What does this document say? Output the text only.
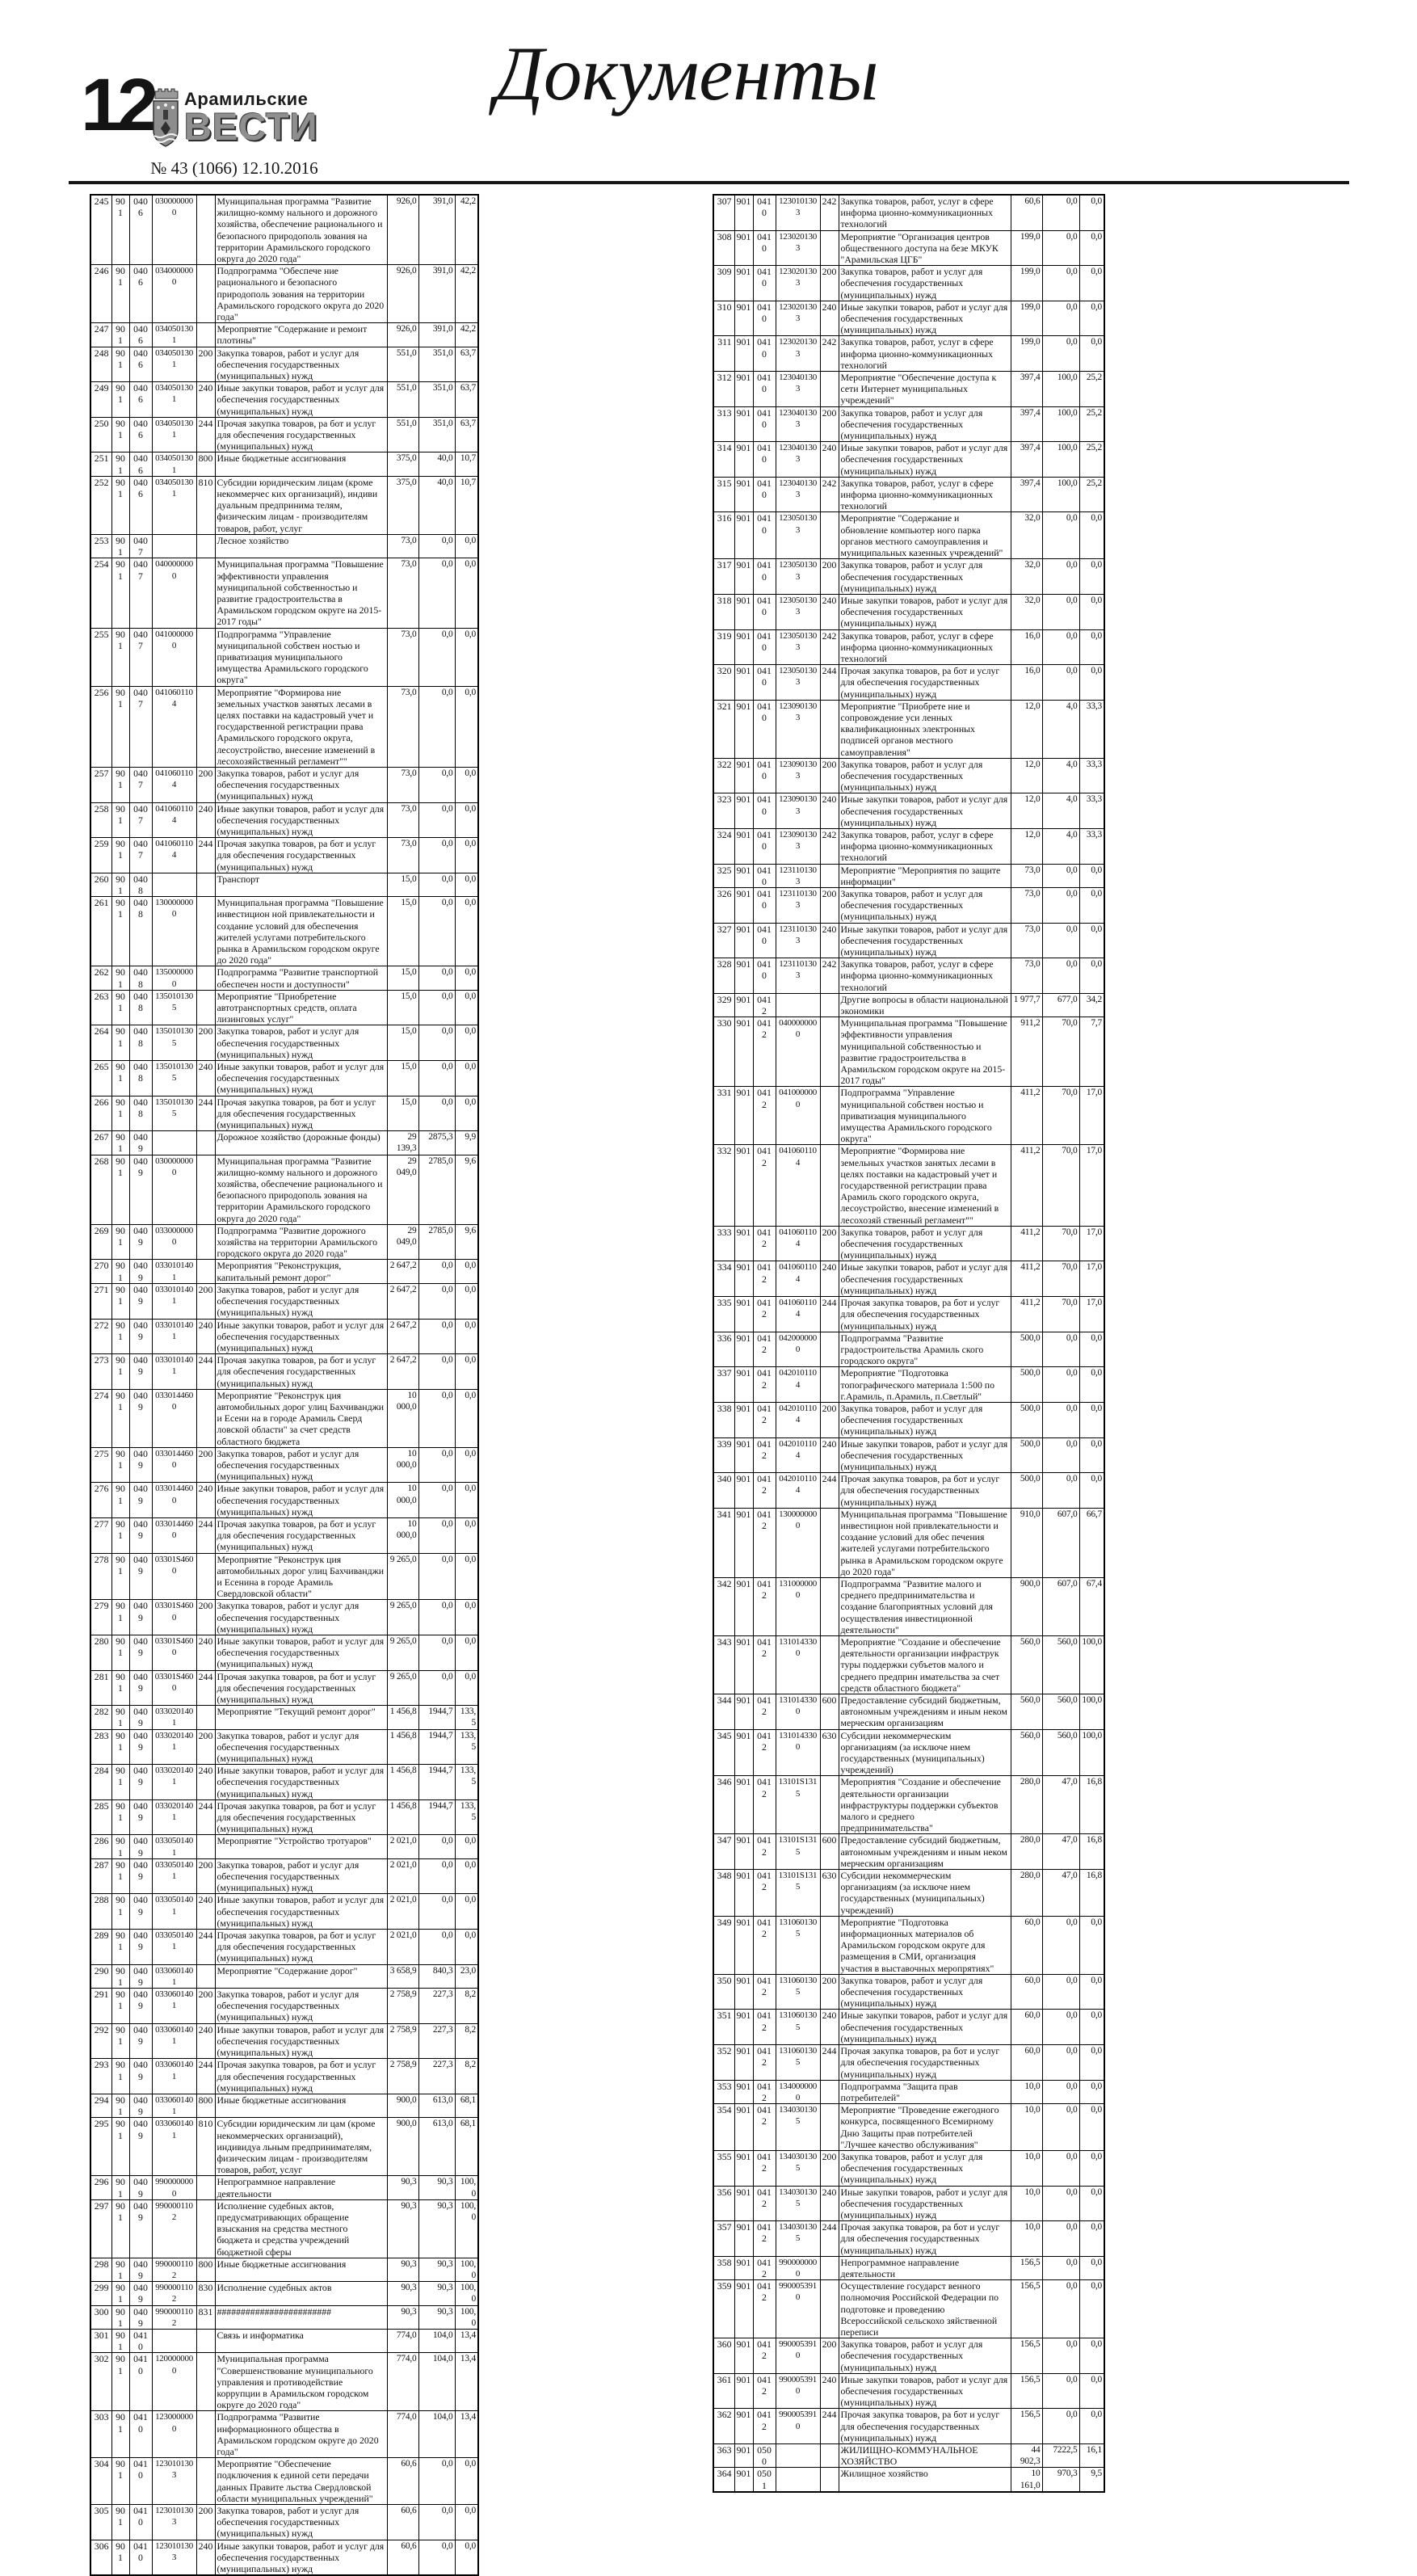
12 Арамильские
ВЕСТИ
№ 43 (1066) 12.10.2016
Документы
245	901	0406	0300000000		Муниципальная программа "Развитие жилищно-комму нального и дорожного хозяйства, обеспечение рационального и безопасного природополь зования на территории Арамильского городского округа до 2020 года"	926,0	391,0	42,2
246	901	0406	0340000000		Подпрограмма "Обеспече ние рационального и безопасного природополь зования на территории Арамильского городского округа до 2020 года"	926,0	391,0	42,2
247	901	0406	0340501301		Мероприятие "Содержание и ремонт плотины"	926,0	391,0	42,2
248	901	0406	0340501301	200	Закупка товаров, работ и услуг для обеспечения государственных (муниципальных) нужд	551,0	351,0	63,7
249	901	0406	0340501301	240	Иные закупки товаров, работ и услуг для обеспечения государственных (муниципальных) нужд	551,0	351,0	63,7
250	901	0406	0340501301	244	Прочая закупка товаров, ра бот и услуг для обеспечения государственных (муниципальных) нужд	551,0	351,0	63,7
251	901	0406	0340501301	800	Иные бюджетные ассигнования	375,0	40,0	10,7
252	901	0406	0340501301	810	Субсидии юридическим лицам (кроме некоммерчес ких организаций), индиви дуальным предпринима телям, физическим лицам - производителям товаров, работ, услуг	375,0	40,0	10,7
253	901	0407			Лесное хозяйство	73,0	0,0	0,0
254	901	0407	0400000000		Муниципальная программа "Повышение эффективности управления муниципальной собственностью и развитие градостроительства в Арамильском городском округе на 2015-2017 годы"	73,0	0,0	0,0
255	901	0407	0410000000		Подпрограмма "Управление муниципальной собствен ностью и приватизация муниципального имущества Арамильского городского округа"	73,0	0,0	0,0
256	901	0407	0410601104		Мероприятие "Формирова ние земельных участков занятых лесами в целях поставки на кадастровый учет и государственной регистрации права Арамильского городского округа, лесоустройство, внесение изменений в лесохозяйственный регламент""	73,0	0,0	0,0
257	901	0407	0410601104	200	Закупка товаров, работ и услуг для обеспечения государственных (муниципальных) нужд	73,0	0,0	0,0
258	901	0407	0410601104	240	Иные закупки товаров, работ и услуг для обеспечения государственных (муниципальных) нужд	73,0	0,0	0,0
259	901	0407	0410601104	244	Прочая закупка товаров, ра бот и услуг для обеспечения государственных (муниципальных) нужд	73,0	0,0	0,0
260	901	0408			Транспорт	15,0	0,0	0,0
261	901	0408	1300000000		Муниципальная программа "Повышение инвестицион ной привлекательности и создание условий для обеспечения жителей услугами потребительского рынка в Арамильском городском округе до 2020 года"	15,0	0,0	0,0
262	901	0408	1350000000		Подпрограмма "Развитие транспортной обеспечен ности и доступности"	15,0	0,0	0,0
263	901	0408	1350101305		Мероприятие "Приобретение автотранспортных средств, оплата лизинговых услуг"	15,0	0,0	0,0
264	901	0408	1350101305	200	Закупка товаров, работ и услуг для обеспечения государственных (муниципальных) нужд	15,0	0,0	0,0
265	901	0408	1350101305	240	Иные закупки товаров, работ и услуг для обеспечения государственных (муниципальных) нужд	15,0	0,0	0,0
266	901	0408	1350101305	244	Прочая закупка товаров, ра бот и услуг для обеспечения государственных (муниципальных) нужд	15,0	0,0	0,0
267	901	0409			Дорожное хозяйство (дорожные фонды)	29 139,3	2875,3	9,9
268	901	0409	0300000000		Муниципальная программа "Развитие жилищно-комму нального и дорожного хозяйства, обеспечение рационального и безопасного природополь зования на территории Арамильского городского округа до 2020 года"	29 049,0	2785,0	9,6
269	901	0409	0330000000		Подпрограмма "Развитие дорожного хозяйства на территории Арамильского городского округа до 2020 года"	29 049,0	2785,0	9,6
270	901	0409	0330101401		Мероприятия "Реконструкция, капитальный ремонт дорог"	2 647,2	0,0	0,0
271	901	0409	0330101401	200	Закупка товаров, работ и услуг для обеспечения государственных (муниципальных) нужд	2 647,2	0,0	0,0
272	901	0409	0330101401	240	Иные закупки товаров, работ и услуг для обеспечения государственных (муниципальных) нужд	2 647,2	0,0	0,0
273	901	0409	0330101401	244	Прочая закупка товаров, ра бот и услуг для обеспечения государственных (муниципальных) нужд	2 647,2	0,0	0,0
274	901	0409	0330144600		Мероприятие "Реконструк ция автомобильных дорог улиц Бахчиванджи и Есени на в городе Арамиль Сверд ловской области" за счет средств областного бюджета	10 000,0	0,0	0,0
275	901	0409	0330144600	200	Закупка товаров, работ и услуг для обеспечения государственных (муниципальных) нужд	10 000,0	0,0	0,0
276	901	0409	0330144600	240	Иные закупки товаров, работ и услуг для обеспечения государственных (муниципальных) нужд	10 000,0	0,0	0,0
277	901	0409	0330144600	244	Прочая закупка товаров, ра бот и услуг для обеспечения государственных (муниципальных) нужд	10 000,0	0,0	0,0
278	901	0409	03301S4600		Мероприятие "Реконструк ция автомобильных дорог улиц Бахчиванджи и Есенина в городе Арамиль Свердловской области"	9 265,0	0,0	0,0
279	901	0409	03301S4600	200	Закупка товаров, работ и услуг для обеспечения государственных (муниципальных) нужд	9 265,0	0,0	0,0
280	901	0409	03301S4600	240	Иные закупки товаров, работ и услуг для обеспечения государственных (муниципальных) нужд	9 265,0	0,0	0,0
281	901	0409	03301S4600	244	Прочая закупка товаров, ра бот и услуг для обеспечения государственных (муниципальных) нужд	9 265,0	0,0	0,0
282	901	0409	0330201401		Мероприятие "Текущий ремонт дорог"	1 456,8	1944,7	133,5
283	901	0409	0330201401	200	Закупка товаров, работ и услуг для обеспечения государственных (муниципальных) нужд	1 456,8	1944,7	133,5
284	901	0409	0330201401	240	Иные закупки товаров, работ и услуг для обеспечения государственных (муниципальных) нужд	1 456,8	1944,7	133,5
285	901	0409	0330201401	244	Прочая закупка товаров, ра бот и услуг для обеспечения государственных (муниципальных) нужд	1 456,8	1944,7	133,5
286	901	0409	0330501401		Мероприятие "Устройство тротуаров"	2 021,0	0,0	0,0
287	901	0409	0330501401	200	Закупка товаров, работ и услуг для обеспечения государственных (муниципальных) нужд	2 021,0	0,0	0,0
288	901	0409	0330501401	240	Иные закупки товаров, работ и услуг для обеспечения государственных (муниципальных) нужд	2 021,0	0,0	0,0
289	901	0409	0330501401	244	Прочая закупка товаров, ра бот и услуг для обеспечения государственных (муниципальных) нужд	2 021,0	0,0	0,0
290	901	0409	0330601401		Мероприятие "Содержание дорог"	3 658,9	840,3	23,0
291	901	0409	0330601401	200	Закупка товаров, работ и услуг для обеспечения государственных (муниципальных) нужд	2 758,9	227,3	8,2
292	901	0409	0330601401	240	Иные закупки товаров, работ и услуг для обеспечения государственных (муниципальных) нужд	2 758,9	227,3	8,2
293	901	0409	0330601401	244	Прочая закупка товаров, ра бот и услуг для обеспечения государственных (муниципальных) нужд	2 758,9	227,3	8,2
294	901	0409	0330601401	800	Иные бюджетные ассигнования	900,0	613,0	68,1
295	901	0409	0330601401	810	Субсидии юридическим ли цам (кроме некоммерческих организаций), индивидуа льным предпринимателям, физическим лицам - производителям товаров, работ, услуг	900,0	613,0	68,1
296	901	0409	9900000000		Непрограммное направление деятельности	90,3	90,3	100,0
297	901	0409	9900001102		Исполнение судебных актов, предусматривающих обращение взыскания на средства местного бюджета и средства учреждений бюджетной сферы	90,3	90,3	100,0
298	901	0409	9900001102	800	Иные бюджетные ассигнования	90,3	90,3	100,0
299	901	0409	9900001102	830	Исполнение судебных актов	90,3	90,3	100,0
300	901	0409	9900001102	831	########################	90,3	90,3	100,0
301	901	0410			Связь и информатика	774,0	104,0	13,4
302	901	0410	1200000000		Муниципальная программа "Совершенствование муниципального управления и противодействие коррупции в Арамильском городском округе до 2020 года"	774,0	104,0	13,4
303	901	0410	1230000000		Подпрограмма "Развитие информационного общества в Арамильском городском округе до 2020 года"	774,0	104,0	13,4
304	901	0410	1230101303		Мероприятие "Обеспечение подключения к единой сети передачи данных Правите льства Свердловской области муниципальных учреждений"	60,6	0,0	0,0
305	901	0410	1230101303	200	Закупка товаров, работ и услуг для обеспечения государственных (муниципальных) нужд	60,6	0,0	0,0
306	901	0410	1230101303	240	Иные закупки товаров, работ и услуг для обеспечения государственных (муниципальных) нужд	60,6	0,0	0,0
307	901	0410	1230101303	242	Закупка товаров, работ, услуг в сфере информа ционно-коммуникационных технологий	60,6	0,0	0,0
308	901	0410	1230201303		Мероприятие "Организация центров общественного доступа на безе МКУК "Арамильская ЦГБ"	199,0	0,0	0,0
309	901	0410	1230201303	200	Закупка товаров, работ и услуг для обеспечения государственных (муниципальных) нужд	199,0	0,0	0,0
310	901	0410	1230201303	240	Иные закупки товаров, работ и услуг для обеспечения государственных (муниципальных) нужд	199,0	0,0	0,0
311	901	0410	1230201303	242	Закупка товаров, работ, услуг в сфере информа ционно-коммуникационных технологий	199,0	0,0	0,0
312	901	0410	1230401303		Мероприятие "Обеспечение доступа к сети Интернет муниципальных учреждений"	397,4	100,0	25,2
313	901	0410	1230401303	200	Закупка товаров, работ и услуг для обеспечения государственных (муниципальных) нужд	397,4	100,0	25,2
314	901	0410	1230401303	240	Иные закупки товаров, работ и услуг для обеспечения государственных (муниципальных) нужд	397,4	100,0	25,2
315	901	0410	1230401303	242	Закупка товаров, работ, услуг в сфере информа ционно-коммуникационных технологий	397,4	100,0	25,2
316	901	0410	1230501303		Мероприятие "Содержание и обновление компьютер ного парка органов местного самоуправления и муниципальных казенных учреждений"	32,0	0,0	0,0
317	901	0410	1230501303	200	Закупка товаров, работ и услуг для обеспечения государственных (муниципальных) нужд	32,0	0,0	0,0
318	901	0410	1230501303	240	Иные закупки товаров, работ и услуг для обеспечения государственных (муниципальных) нужд	32,0	0,0	0,0
319	901	0410	1230501303	242	Закупка товаров, работ, услуг в сфере информа ционно-коммуникационных технологий	16,0	0,0	0,0
320	901	0410	1230501303	244	Прочая закупка товаров, ра бот и услуг для обеспечения государственных (муниципальных) нужд	16,0	0,0	0,0
321	901	0410	1230901303		Мероприятие "Приобрете ние и сопровождение уси ленных квалификационных электронных подписей органов местного самоуправления"	12,0	4,0	33,3
322	901	0410	1230901303	200	Закупка товаров, работ и услуг для обеспечения государственных (муниципальных) нужд	12,0	4,0	33,3
323	901	0410	1230901303	240	Иные закупки товаров, работ и услуг для обеспечения государственных (муниципальных) нужд	12,0	4,0	33,3
324	901	0410	1230901303	242	Закупка товаров, работ, услуг в сфере информа ционно-коммуникационных технологий	12,0	4,0	33,3
325	901	0410	1231101303		Мероприятие "Мероприятия по защите информации"	73,0	0,0	0,0
326	901	0410	1231101303	200	Закупка товаров, работ и услуг для обеспечения государственных (муниципальных) нужд	73,0	0,0	0,0
327	901	0410	1231101303	240	Иные закупки товаров, работ и услуг для обеспечения государственных (муниципальных) нужд	73,0	0,0	0,0
328	901	0410	1231101303	242	Закупка товаров, работ, услуг в сфере информа ционно-коммуникационных технологий	73,0	0,0	0,0
329	901	0412			Другие вопросы в области национальной экономики	1 977,7	677,0	34,2
330	901	0412	0400000000		Муниципальная программа "Повышение эффективности управления муниципальной собственностью и развитие градостроительства в Арамильском городском округе на 2015-2017 годы"	911,2	70,0	7,7
331	901	0412	0410000000		Подпрограмма "Управление муниципальной собствен ностью и приватизация муниципального имущества Арамильского городского округа"	411,2	70,0	17,0
332	901	0412	0410601104		Мероприятие "Формирова ние земельных участков занятых лесами в целях поставки на кадастровый учет и государственной регистрации права Арамиль ского городского округа, лесоустройство, внесение изменений в лесохозяй ственный регламент""	411,2	70,0	17,0
333	901	0412	0410601104	200	Закупка товаров, работ и услуг для обеспечения государственных (муниципальных) нужд	411,2	70,0	17,0
334	901	0412	0410601104	240	Иные закупки товаров, работ и услуг для обеспечения государственных (муниципальных) нужд	411,2	70,0	17,0
335	901	0412	0410601104	244	Прочая закупка товаров, ра бот и услуг для обеспечения государственных (муниципальных) нужд	411,2	70,0	17,0
336	901	0412	0420000000		Подпрограмма "Развитие градостроительства Арамиль ского городского округа"	500,0	0,0	0,0
337	901	0412	0420101104		Мероприятие "Подготовка топографического материала 1:500 по г.Арамиль, п.Арамиль, п.Светлый"	500,0	0,0	0,0
338	901	0412	0420101104	200	Закупка товаров, работ и услуг для обеспечения государственных (муниципальных) нужд	500,0	0,0	0,0
339	901	0412	0420101104	240	Иные закупки товаров, работ и услуг для обеспечения государственных (муниципальных) нужд	500,0	0,0	0,0
340	901	0412	0420101104	244	Прочая закупка товаров, ра бот и услуг для обеспечения государственных (муниципальных) нужд	500,0	0,0	0,0
341	901	0412	1300000000		Муниципальная программа "Повышение инвестицион ной привлекательности и создание условий для обес печения жителей услугами потребительского рынка в Арамильском городском округе до 2020 года"	910,0	607,0	66,7
342	901	0412	1310000000		Подпрограмма "Развитие малого и среднего предпринимательства и создание благоприятных условий для осуществления инвестиционной деятельности"	900,0	607,0	67,4
343	901	0412	1310143300		Мероприятие "Создание и обеспечение деятельности организации инфраструк туры поддержки субъетов малого и среднего предприн имательства за счет средств областного бюджета"	560,0	560,0	100,0
344	901	0412	1310143300	600	Предоставление субсидий бюджетным, автономным учреждениям и иным неком мерческим организациям	560,0	560,0	100,0
345	901	0412	1310143300	630	Субсидии некоммерческим организациям (за исключе нием государственных (муниципальных) учреждений)	560,0	560,0	100,0
346	901	0412	13101S1315		Мероприятия "Создание и обеспечение деятельности организации инфраструктуры поддержки субъектов малого и среднего предпринимательства"	280,0	47,0	16,8
347	901	0412	13101S1315	600	Предоставление субсидий бюджетным, автономным учреждениям и иным неком мерческим организациям	280,0	47,0	16,8
348	901	0412	13101S1315	630	Субсидии некоммерческим организациям (за исключе нием государственных (муниципальных) учреждений)	280,0	47,0	16,8
349	901	0412	1310601305		Мероприятие "Подготовка информационных материалов об Арамильском городском округе для размещения в СМИ, организация участия в выставочных меропрятиях"	60,0	0,0	0,0
350	901	0412	1310601305	200	Закупка товаров, работ и услуг для обеспечения государственных (муниципальных) нужд	60,0	0,0	0,0
351	901	0412	1310601305	240	Иные закупки товаров, работ и услуг для обеспечения государственных (муниципальных) нужд	60,0	0,0	0,0
352	901	0412	1310601305	244	Прочая закупка товаров, ра бот и услуг для обеспечения государственных (муниципальных) нужд	60,0	0,0	0,0
353	901	0412	1340000000		Подпрограмма "Защита прав потребителей"	10,0	0,0	0,0
354	901	0412	1340301305		Мероприятие "Проведение ежегодного конкурса, посвященного Всемирному Дню Защиты прав потребителей "Лучшее качество обслуживания"	10,0	0,0	0,0
355	901	0412	1340301305	200	Закупка товаров, работ и услуг для обеспечения государственных (муниципальных) нужд	10,0	0,0	0,0
356	901	0412	1340301305	240	Иные закупки товаров, работ и услуг для обеспечения государственных (муниципальных) нужд	10,0	0,0	0,0
357	901	0412	1340301305	244	Прочая закупка товаров, ра бот и услуг для обеспечения государственных (муниципальных) нужд	10,0	0,0	0,0
358	901	0412	9900000000		Непрограммное направление деятельности	156,5	0,0	0,0
359	901	0412	9900053910		Осуществление государст венного полномочия Российской Федерации по подготовке и проведению Всероссийской сельскохо зяйственной переписи	156,5	0,0	0,0
360	901	0412	9900053910	200	Закупка товаров, работ и услуг для обеспечения государственных (муниципальных) нужд	156,5	0,0	0,0
361	901	0412	9900053910	240	Иные закупки товаров, работ и услуг для обеспечения государственных (муниципальных) нужд	156,5	0,0	0,0
362	901	0412	9900053910	244	Прочая закупка товаров, ра бот и услуг для обеспечения государственных (муниципальных) нужд	156,5	0,0	0,0
363	901	0500			ЖИЛИЩНО-КОММУНАЛЬНОЕ ХОЗЯЙСТВО	44 902,3	7222,5	16,1
364	901	0501			Жилищное хозяйство	10 161,0	970,3	9,5
